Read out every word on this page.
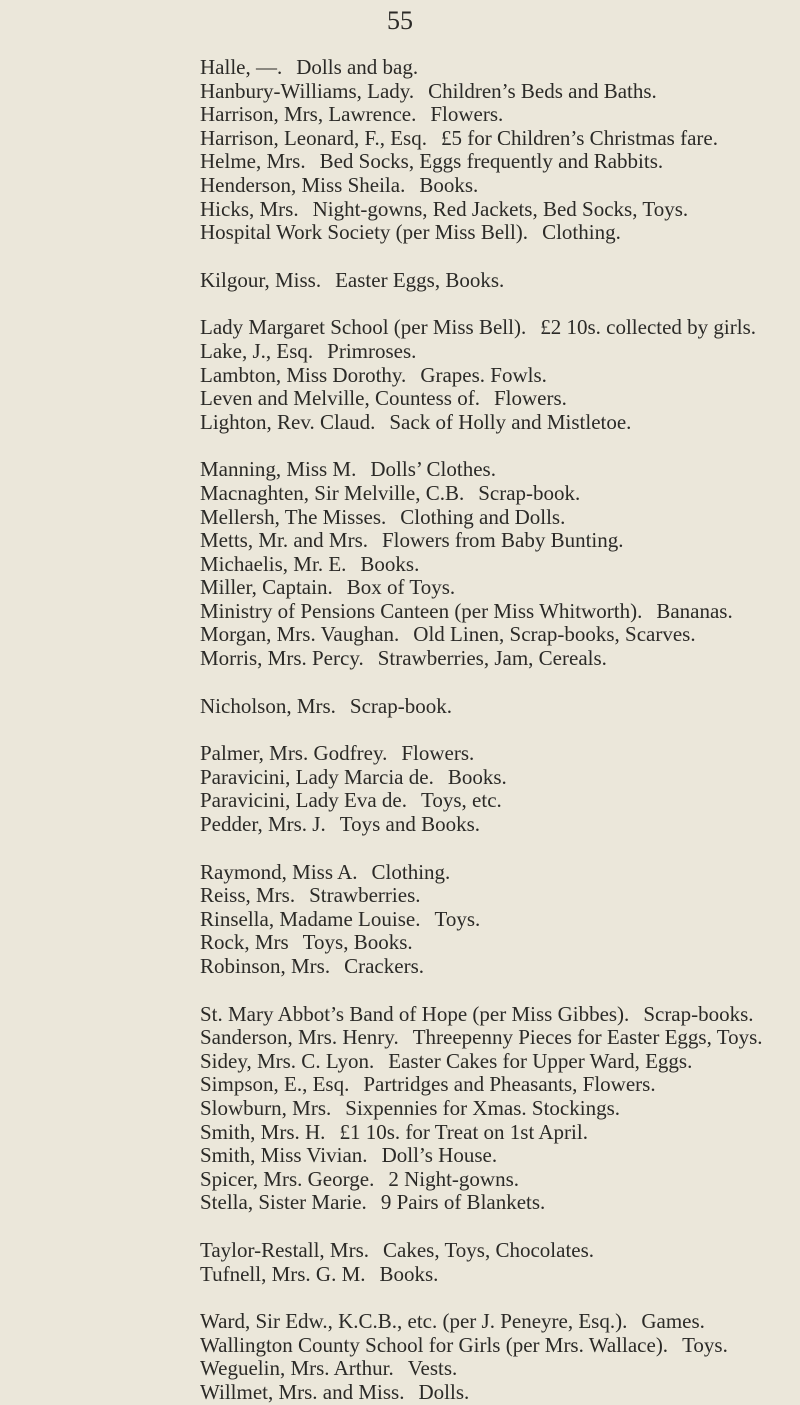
55
Halle, —. Dolls and bag.
Hanbury-Williams, Lady. Children’s Beds and Baths.
Harrison, Mrs, Lawrence. Flowers.
Harrison, Leonard, F., Esq. £5 for Children’s Christmas fare.
Helme, Mrs. Bed Socks, Eggs frequently and Rabbits.
Henderson, Miss Sheila. Books.
Hicks, Mrs. Night-gowns, Red Jackets, Bed Socks, Toys.
Hospital Work Society (per Miss Bell). Clothing.
Kilgour, Miss. Easter Eggs, Books.
Lady Margaret School (per Miss Bell). £2 10s. collected by girls.
Lake, J., Esq. Primroses.
Lambton, Miss Dorothy. Grapes. Fowls.
Leven and Melville, Countess of. Flowers.
Lighton, Rev. Claud. Sack of Holly and Mistletoe.
Manning, Miss M. Dolls’ Clothes.
Macnaghten, Sir Melville, C.B. Scrap-book.
Mellersh, The Misses. Clothing and Dolls.
Metts, Mr. and Mrs. Flowers from Baby Bunting.
Michaelis, Mr. E. Books.
Miller, Captain. Box of Toys.
Ministry of Pensions Canteen (per Miss Whitworth). Bananas.
Morgan, Mrs. Vaughan. Old Linen, Scrap-books, Scarves.
Morris, Mrs. Percy. Strawberries, Jam, Cereals.
Nicholson, Mrs. Scrap-book.
Palmer, Mrs. Godfrey. Flowers.
Paravicini, Lady Marcia de. Books.
Paravicini, Lady Eva de. Toys, etc.
Pedder, Mrs. J. Toys and Books.
Raymond, Miss A. Clothing.
Reiss, Mrs. Strawberries.
Rinsella, Madame Louise. Toys.
Rock, Mrs Toys, Books.
Robinson, Mrs. Crackers.
St. Mary Abbot’s Band of Hope (per Miss Gibbes). Scrap-books.
Sanderson, Mrs. Henry. Threepenny Pieces for Easter Eggs, Toys.
Sidey, Mrs. C. Lyon. Easter Cakes for Upper Ward, Eggs.
Simpson, E., Esq. Partridges and Pheasants, Flowers.
Slowburn, Mrs. Sixpennies for Xmas. Stockings.
Smith, Mrs. H. £1 10s. for Treat on 1st April.
Smith, Miss Vivian. Doll’s House.
Spicer, Mrs. George. 2 Night-gowns.
Stella, Sister Marie. 9 Pairs of Blankets.
Taylor-Restall, Mrs. Cakes, Toys, Chocolates.
Tufnell, Mrs. G. M. Books.
Ward, Sir Edw., K.C.B., etc. (per J. Peneyre, Esq.). Games.
Wallington County School for Girls (per Mrs. Wallace). Toys.
Weguelin, Mrs. Arthur. Vests.
Willmet, Mrs. and Miss. Dolls.
